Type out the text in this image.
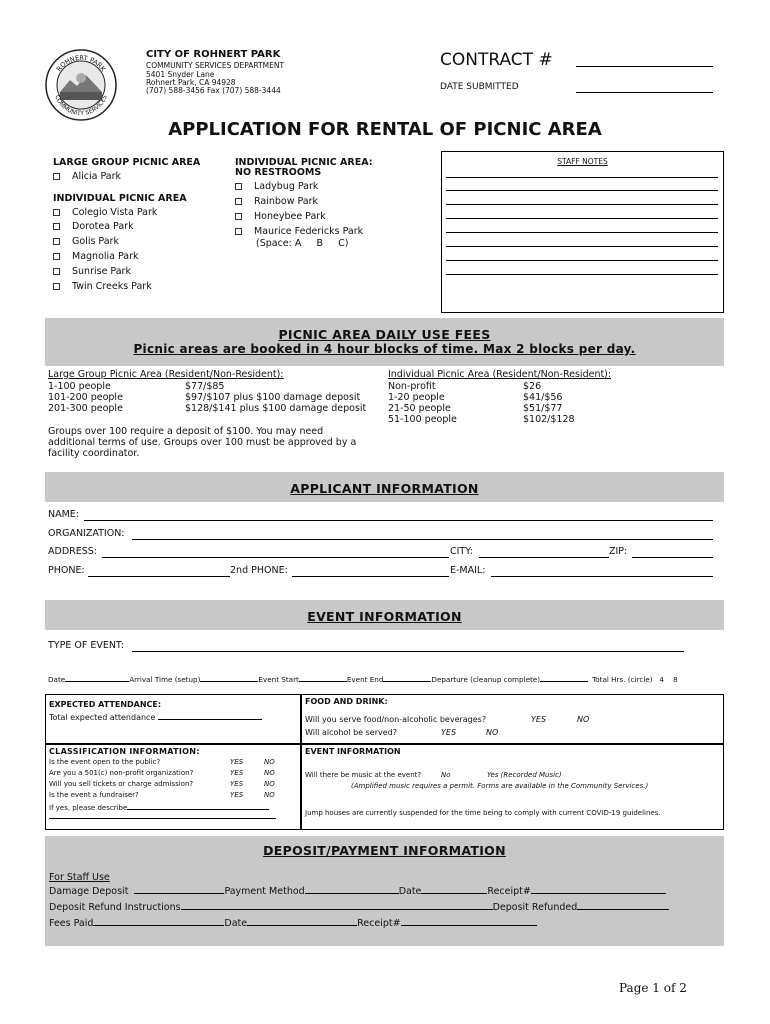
ROHNERT PARK
COMMUNITY SERVICES
CITY OF ROHNERT PARK
COMMUNITY SERVICES DEPARTMENT
5401 Snyder Lane
Rohnert Park, CA 94928
(707) 588-3456 Fax (707) 588-3444
CONTRACT #
DATE SUBMITTED
APPLICATION FOR RENTAL OF PICNIC AREA
LARGE GROUP PICNIC AREA
Alicia Park
INDIVIDUAL PICNIC AREA
Colegio Vista Park
Dorotea Park
Golis Park
Magnolia Park
Sunrise Park
Twin Creeks Park
INDIVIDUAL PICNIC AREA:
NO RESTROOMS
Ladybug Park
Rainbow Park
Honeybee Park
Maurice Federicks Park
(Space: A     B     C)
STAFF NOTES
PICNIC AREA DAILY USE FEES
Picnic areas are booked in 4 hour blocks of time. Max 2 blocks per day.
Large Group Picnic Area (Resident/Non-Resident):
1-100 people	$77/$85
101-200 people	$97/$107 plus $100 damage deposit
201-300 people	$128/$141 plus $100 damage deposit
Individual Picnic Area (Resident/Non-Resident):
Non-profit	$26
1-20 people	$41/$56
21-50 people	$51/$77
51-100 people	$102/$128
Groups over 100 require a deposit of $100. You may need
additional terms of use. Groups over 100 must be approved by a
facility coordinator.
APPLICANT INFORMATION
NAME:
ORGANIZATION:
ADDRESS:	CITY:	ZIP:
PHONE:	2nd PHONE:	E-MAIL:
EVENT INFORMATION
TYPE OF EVENT:
Date	Arrival Time (setup)	Event Start	Event End	Departure (cleanup complete)	Total Hrs. (circle)   4    8
EXPECTED ATTENDANCE:
Total expected attendance
FOOD AND DRINK:
Will you serve food/non-alcoholic beverages?	YES	NO
Will alcohol be served?	YES	NO
CLASSIFICATION INFORMATION:
Is the event open to the public?	YES	NO
Are you a 501(c) non-profit organization?	YES	NO
Will you sell tickets or charge admission?	YES	NO
Is the event a fundraiser?	YES	NO
If yes, please describe
EVENT INFORMATION
Will there be music at the event?	No	Yes (Recorded Music)
(Amplified music requires a permit. Forms are available in the Community Services.)
Jump houses are currently suspended for the time being to comply with current COVID-19 guidelines.
DEPOSIT/PAYMENT INFORMATION
For Staff Use
Damage Deposit	Payment Method	Date	Receipt#
Deposit Refund Instructions	Deposit Refunded
Fees Paid	Date	Receipt#
Page 1 of 2
